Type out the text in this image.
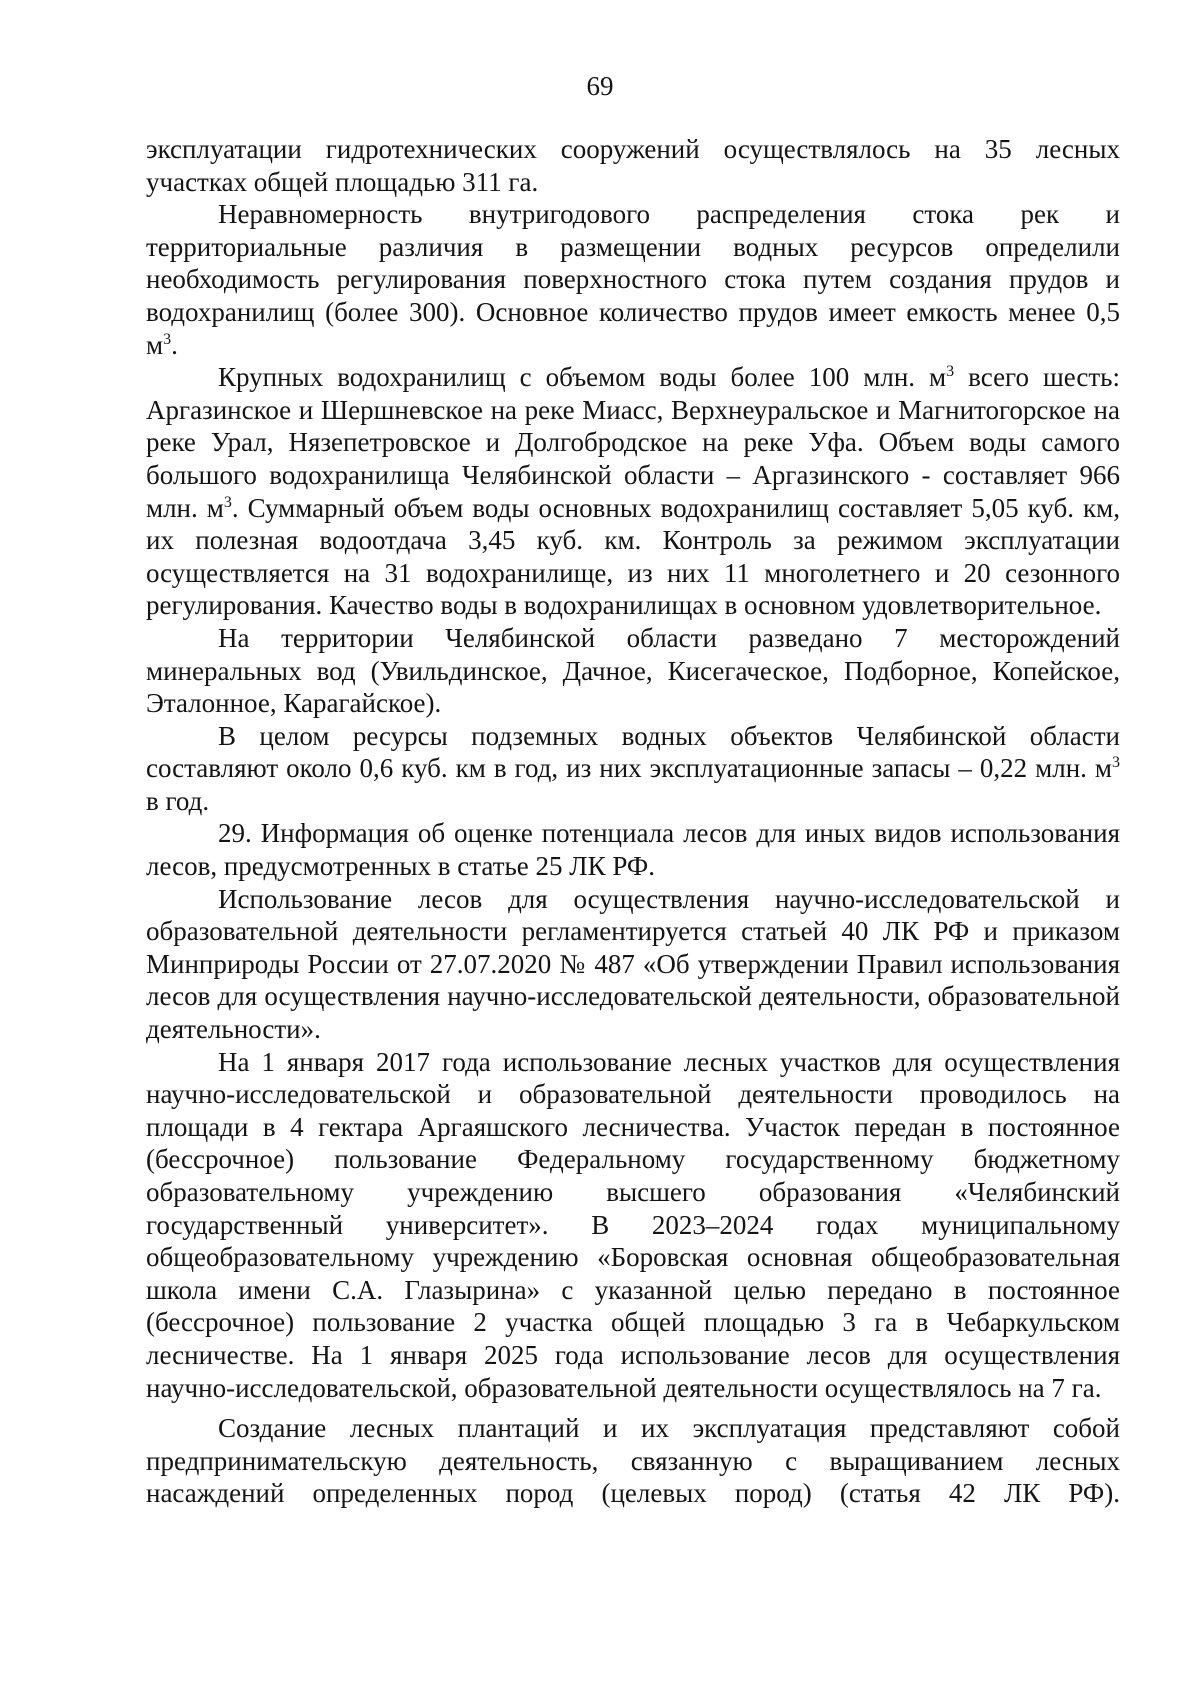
69

эксплуатации гидротехнических сооружений осуществлялось на 35 лесных участках общей площадью 311 га.

Неравномерность внутригодового распределения стока рек и территориальные различия в размещении водных ресурсов определили необходимость регулирования поверхностного стока путем создания прудов и водохранилищ (более 300). Основное количество прудов имеет емкость менее 0,5 $м^3$.

Крупных водохранилищ с объемом воды более 100 млн. $м^3$ всего шесть: Аргазинское и Шершневское на реке Миасс, Верхнеуральское и Магнитогорское на реке Урал, Нязепетровское и Долгобродское на реке Уфа. Объем воды самого большого водохранилища Челябинской области – Аргазинского - составляет 966 млн. $м^3$. Суммарный объем воды основных водохранилищ составляет 5,05 куб. км, их полезная водоотдача 3,45 куб. км. Контроль за режимом эксплуатации осуществляется на 31 водохранилище, из них 11 многолетнего и 20 сезонного регулирования. Качество воды в водохранилищах в основном удовлетворительное.

На территории Челябинской области разведано 7 месторождений минеральных вод (Увильдинское, Дачное, Кисегаческое, Подборное, Копейское, Эталонное, Карагайское).

В целом ресурсы подземных водных объектов Челябинской области составляют около 0,6 куб. км в год, из них эксплуатационные запасы – 0,22 млн. $м^3$ в год.

29. Информация об оценке потенциала лесов для иных видов использования лесов, предусмотренных в статье 25 ЛК РФ.

Использование лесов для осуществления научно-исследовательской и образовательной деятельности регламентируется статьей 40 ЛК РФ и приказом Минприроды России от 27.07.2020 № 487 «Об утверждении Правил использования лесов для осуществления научно-исследовательской деятельности, образовательной деятельности».

На 1 января 2017 года использование лесных участков для осуществления научно-исследовательской и образовательной деятельности проводилось на площади в 4 гектара Аргаяшского лесничества. Участок передан в постоянное (бессрочное) пользование Федеральному государственному бюджетному образовательному учреждению высшего образования «Челябинский государственный университет». В 2023–2024 годах муниципальному общеобразовательному учреждению «Боровская основная общеобразовательная школа имени С.А. Глазырина» с указанной целью передано в постоянное (бессрочное) пользование 2 участка общей площадью 3 га в Чебаркульском лесничестве. На 1 января 2025 года использование лесов для осуществления научно-исследовательской, образовательной деятельности осуществлялось на 7 га.

Создание лесных плантаций и их эксплуатация представляют собой предпринимательскую деятельность, связанную с выращиванием лесных насаждений определенных пород (целевых пород) (статья 42 ЛК РФ).
